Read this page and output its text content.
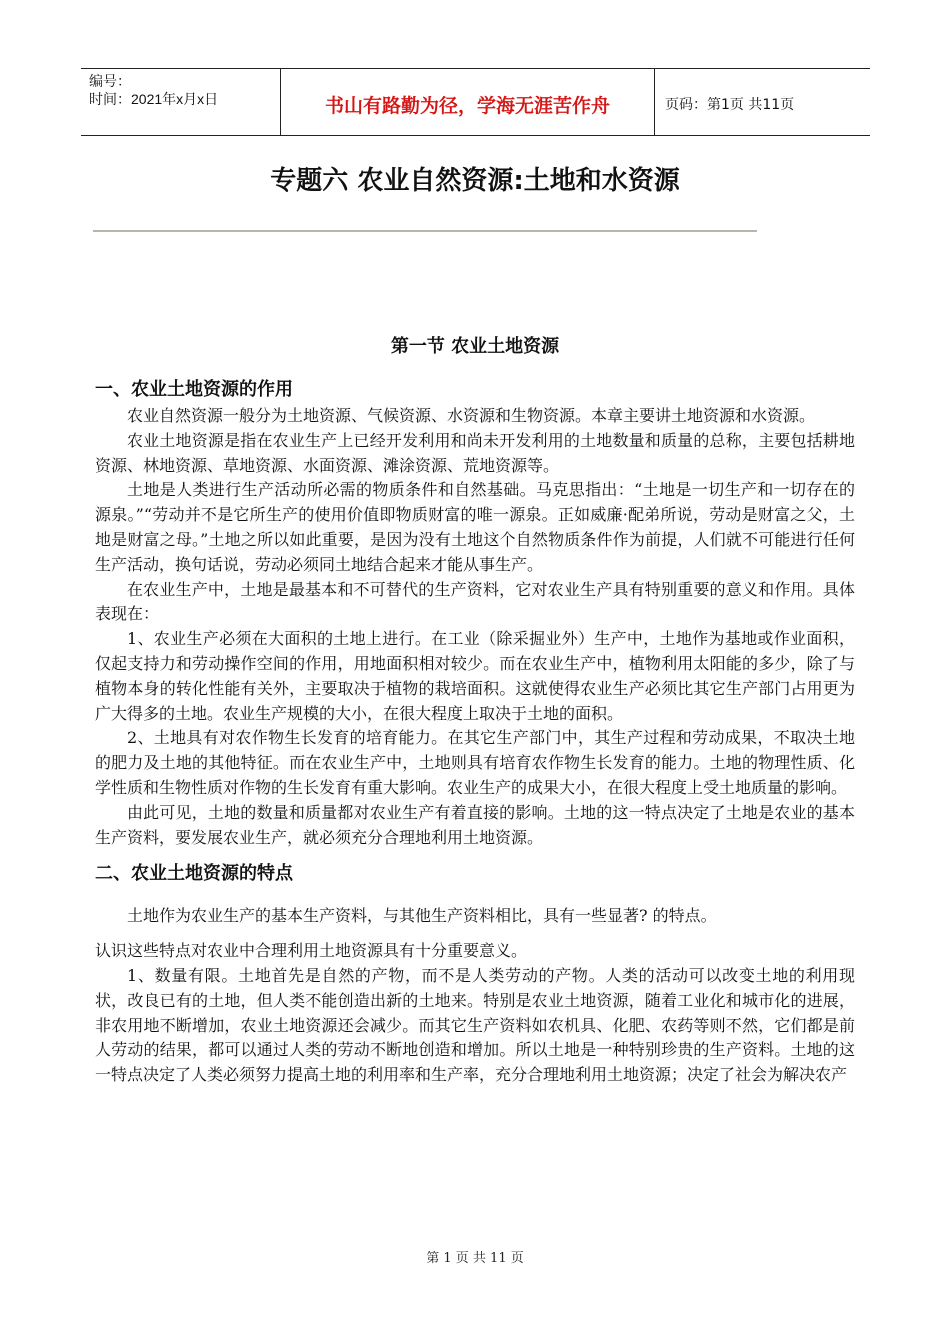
编号：
时间：2021年x月x日	书山有路勤为径，学海无涯苦作舟	页码：第1页 共11页
专题六 农业自然资源:土地和水资源
第一节 农业土地资源
一、农业土地资源的作用

农业自然资源一般分为土地资源、气候资源、水资源和生物资源。本章主要讲土地资源和水资源。

农业土地资源是指在农业生产上已经开发利用和尚未开发利用的土地数量和质量的总称，主要包括耕地资源、林地资源、草地资源、水面资源、滩涂资源、荒地资源等。

土地是人类进行生产活动所必需的物质条件和自然基础。马克思指出：“土地是一切生产和一切存在的源泉。”“劳动并不是它所生产的使用价值即物质财富的唯一源泉。正如威廉·配弟所说，劳动是财富之父，土地是财富之母。”土地之所以如此重要，是因为没有土地这个自然物质条件作为前提，人们就不可能进行任何生产活动，换句话说，劳动必须同土地结合起来才能从事生产。

在农业生产中，土地是最基本和不可替代的生产资料，它对农业生产具有特别重要的意义和作用。具体表现在：

1、农业生产必须在大面积的土地上进行。在工业（除采掘业外）生产中，土地作为基地或作业面积，仅起支持力和劳动操作空间的作用，用地面积相对较少。而在农业生产中，植物利用太阳能的多少，除了与植物本身的转化性能有关外，主要取决于植物的栽培面积。这就使得农业生产必须比其它生产部门占用更为广大得多的土地。农业生产规模的大小，在很大程度上取决于土地的面积。

2、土地具有对农作物生长发育的培育能力。在其它生产部门中，其生产过程和劳动成果，不取决土地的肥力及土地的其他特征。而在农业生产中，土地则具有培育农作物生长发育的能力。土地的物理性质、化学性质和生物性质对作物的生长发育有重大影响。农业生产的成果大小，在很大程度上受土地质量的影响。

由此可见，土地的数量和质量都对农业生产有着直接的影响。土地的这一特点决定了土地是农业的基本生产资料，要发展农业生产，就必须充分合理地利用土地资源。

二、农业土地资源的特点

土地作为农业生产的基本生产资料，与其他生产资料相比，具有一些显著? 的特点。

认识这些特点对农业中合理利用土地资源具有十分重要意义。

1、数量有限。土地首先是自然的产物，而不是人类劳动的产物。人类的活动可以改变土地的利用现状，改良已有的土地，但人类不能创造出新的土地来。特别是农业土地资源，随着工业化和城市化的进展，非农用地不断增加，农业土地资源还会减少。而其它生产资料如农机具、化肥、农药等则不然，它们都是前人劳动的结果，都可以通过人类的劳动不断地创造和增加。所以土地是一种特别珍贵的生产资料。土地的这一特点决定了人类必须努力提高土地的利用率和生产率，充分合理地利用土地资源；决定了社会为解决农产

第 1 页 共 11 页
